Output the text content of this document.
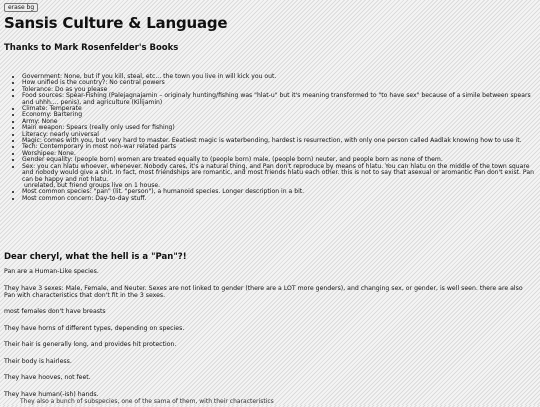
erase bg
Sansis Culture & Language
Thanks to Mark Rosenfelder's Books
• Government: None, but if you kill, steal, etc... the town you live in will kick you out.
• How unified is the country?: No central powers
• Tolerance: Do as you please
• Food sources: Spear-Fishing (Palejagnajamin – originaly hunting/fishing was "hlat-u" but it's meaning transformed to "to have sex" because of a simile between spears and uhhh.... penis), and agriculture (Kilijamin)
• Climate: Temperate
• Economy: Bartering
• Army: None
• Main weapon: Spears (really only used for fishing)
• Literacy: nearly universal
• Magic: comes with you, but very hard to master. Eeatiest magic is waterbending, hardest is resurrection, with only one person called Aadlak knowing how to use it.
• Tech: Contemporary in most non-war related parts
• Worshipee: None.
• Gender equality: (people born) women are treated equally to (people born) male, (people born) neuter, and people born as none of them.
• Sex: you can hlatu whoever, whenever. Nobody cares, it's a natural thing, and Pan don't reproduce by means of hlatu. You can hlatu on the middle of the town square and nobody would give a shit. In fact, most friendships are romantic, and most friends hlatu each other. this is not to say that asexual or aromantic Pan don't exist. Pan can be happy and not hlatu.
unrelated, but friend groups live on 1 house.
• Most common species: "pan" (lit. "person"), a humanoid species. Longer description in a bit.
• Most common concern: Day-to-day stuff.
Dear cheryl, what the hell is a "Pan"?!

Pan are a Human-Like species.

They have 3 sexes: Male, Female, and Neuter. Sexes are not linked to gender (there are a LOT more genders), and changing sex, or gender, is well seen. there are also Pan with characteristics that don't fit in the 3 sexes.

most females don't have breasts

They have horns of different types, depending on species.

Their hair is generally long, and provides hit protection.

Their body is hairless.

They have hooves, not feet.

They have human(-ish) hands.

They also a bunch of subspecies, one of the sama of them, with their characteristics
